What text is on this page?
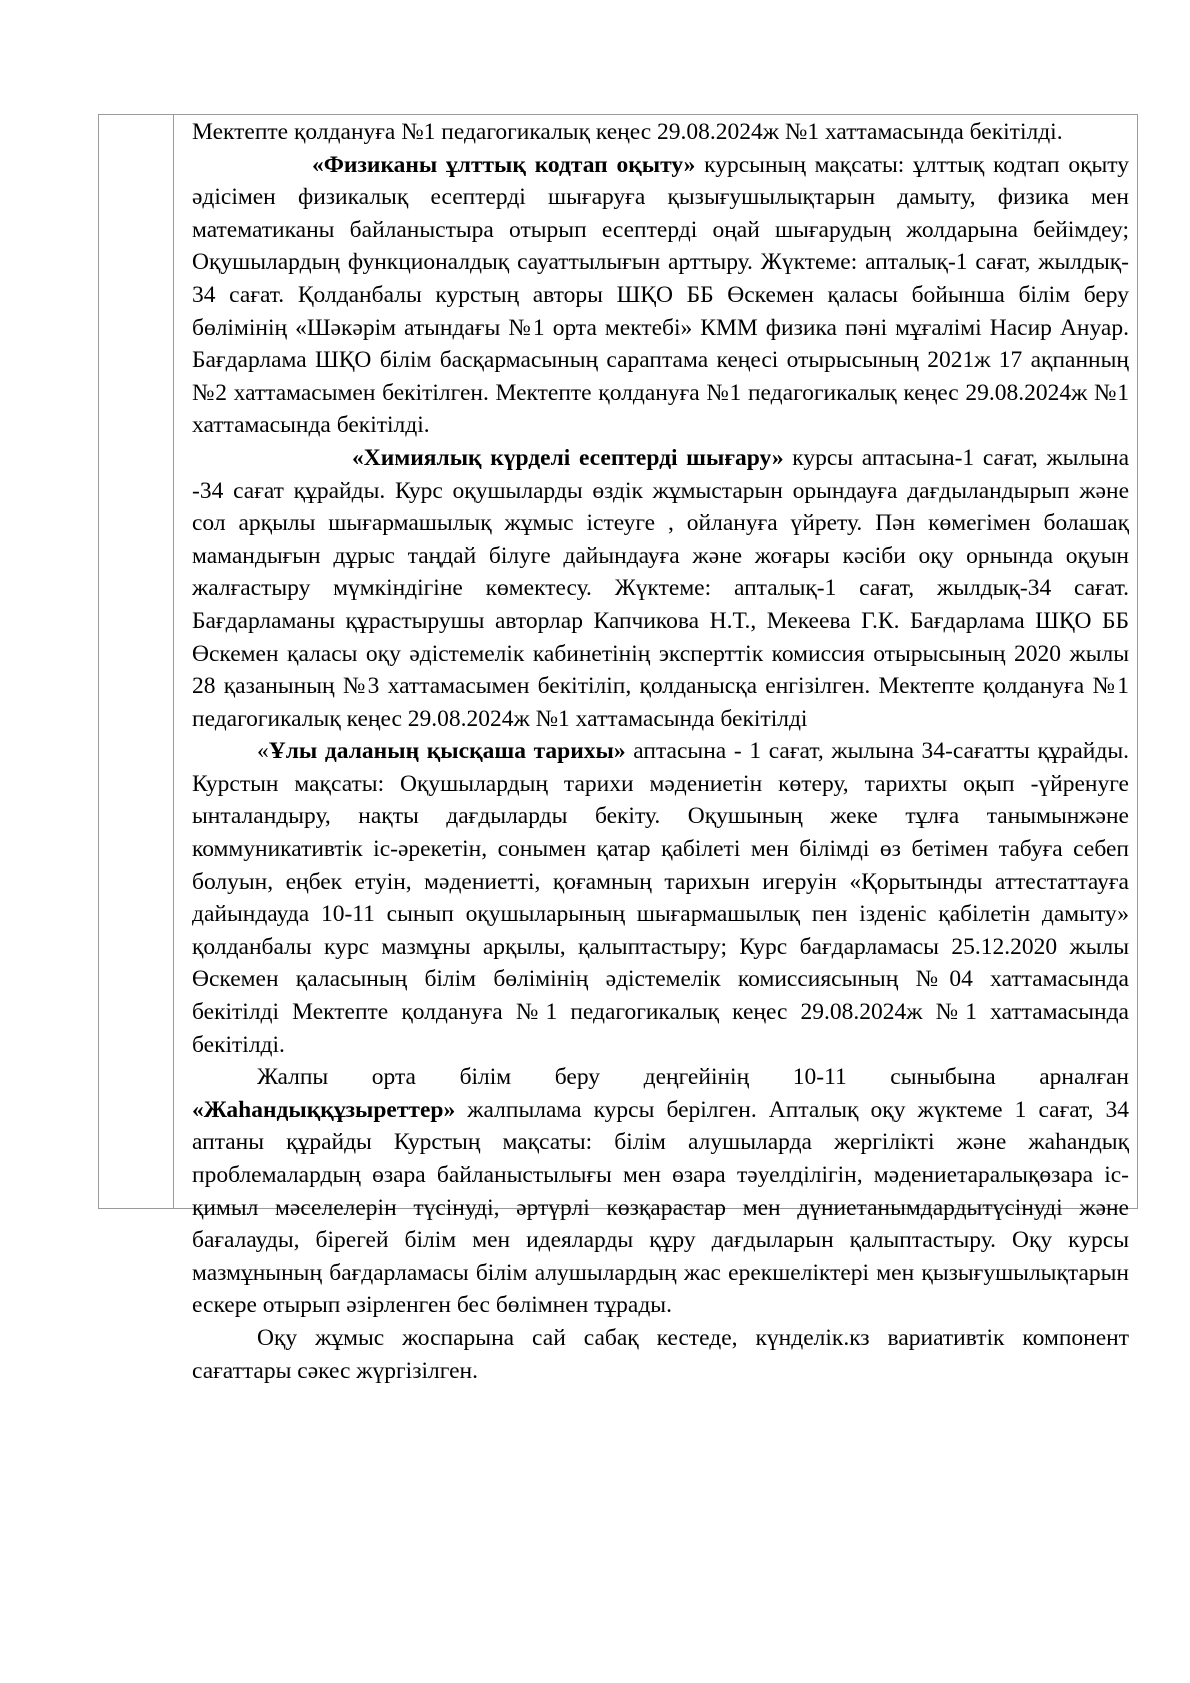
Мектепте қолдануға №1 педагогикалық кеңес 29.08.2024ж №1 хаттамасында бекітілді.

«Физиканы ұлттық кодтап оқыту» курсының мақсаты: ұлттық кодтап оқыту әдісімен физикалық есептерді шығаруға қызығушылықтарын дамыту, физика мен математиканы байланыстыра отырып есептерді оңай шығарудың жолдарына бейімдеу; Оқушылардың функционалдық сауаттылығын арттыру. Жүктеме: апталық-1 сағат, жылдық- 34 сағат. Қолданбалы курстың авторы ШҚО ББ Өскемен қаласы бойынша білім беру бөлімінің «Шәкәрім атындағы №1 орта мектебі» КММ физика пәні мұғалімі Насир Ануар. Бағдарлама ШҚО білім басқармасының сараптама кеңесі отырысының 2021ж 17 ақпанның №2 хаттамасымен бекітілген. Мектепте қолдануға №1 педагогикалық кеңес 29.08.2024ж №1 хаттамасында бекітілді.

«Химиялық күрделі есептерді шығару» курсы аптасына-1 сағат, жылына -34 сағат құрайды. Курс оқушыларды өздік жұмыстарын орындауға дағдыландырып және сол арқылы шығармашылық жұмыс істеуге , ойлануға үйрету. Пән көмегімен болашақ мамандығын дұрыс таңдай білуге дайындауға және жоғары кәсіби оқу орнында оқуын жалғастыру мүмкіндігіне көмектесу. Жүктеме: апталық-1 сағат, жылдық-34 сағат. Бағдарламаны құрастырушы авторлар Капчикова Н.Т., Мекеева Г.К. Бағдарлама ШҚО ББ Өскемен қаласы оқу әдістемелік кабинетінің эксперттік комиссия отырысының 2020 жылы 28 қазанының №3 хаттамасымен бекітіліп, қолданысқа енгізілген. Мектепте қолдануға №1 педагогикалық кеңес 29.08.2024ж №1 хаттамасында бекітілді

«Ұлы даланың қысқаша тарихы» аптасына - 1 сағат, жылына 34-сағатты құрайды. Курстын мақсаты: Оқушылардың тарихи мәдениетін көтеру, тарихты оқып -үйренуге ынталандыру, нақты дағдыларды бекіту. Оқушының жеке тұлға танымынжәне коммуникативтік іс-әрекетін, сонымен қатар қабілеті мен білімді өз бетімен табуға себеп болуын, еңбек етуін, мәдениетті, қоғамның тарихын игеруін «Қорытынды аттестаттауға дайындауда 10-11 сынып оқушыларының шығармашылық пен ізденіс қабілетін дамыту» қолданбалы курс мазмұны арқылы, қалыптастыру; Курс бағдарламасы 25.12.2020 жылы Өскемен қаласының білім бөлімінің әдістемелік комиссиясының №04 хаттамасында бекітілді Мектепте қолдануға №1 педагогикалық кеңес 29.08.2024ж №1 хаттамасында бекітілді.

Жалпы орта білім беру деңгейінің 10-11 сыныбына арналған «Жаһандыққұзыреттер» жалпылама курсы берілген. Апталық оқу жүктеме 1 сағат, 34 аптаны құрайды Курстың мақсаты: білім алушыларда жергілікті және жаһандық проблемалардың өзара байланыстылығы мен өзара тәуелділігін, мәдениетаралықөзара іс-қимыл мәселелерін түсінуді, әртүрлі көзқарастар мен дүниетанымдардытүсінуді және бағалауды, бірегей білім мен идеяларды құру дағдыларын қалыптастыру. Оқу курсы мазмұнының бағдарламасы білім алушылардың жас ерекшеліктері мен қызығушылықтарын ескере отырып әзірленген бес бөлімнен тұрады.

Оқу жұмыс жоспарына сай сабақ кестеде, күнделік.кз вариативтік компонент сағаттары сәкес жүргізілген.
